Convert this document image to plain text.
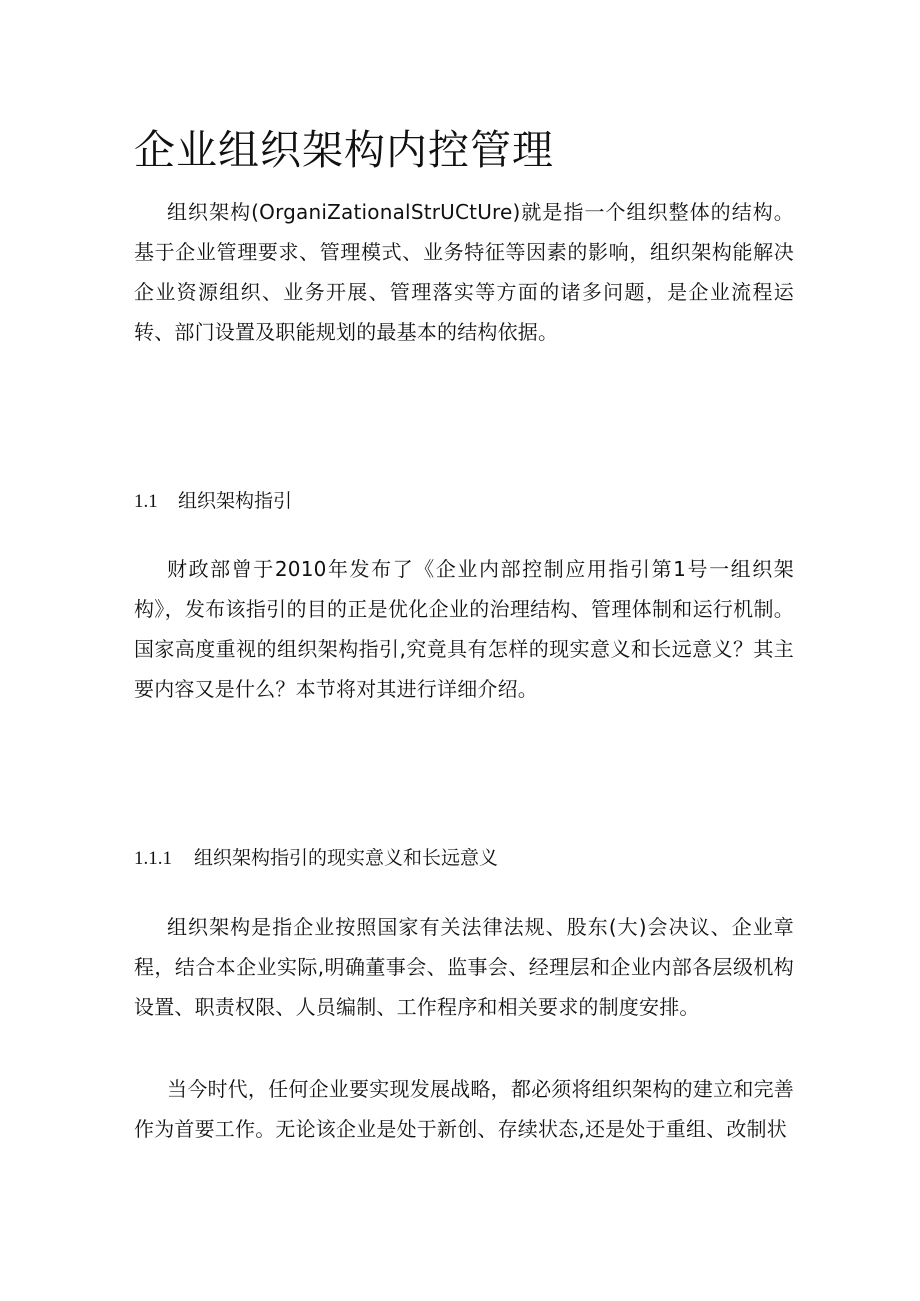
企业组织架构内控管理

组织架构(OrganiZationalStrUCtUre)就是指一个组织整体的结构。基于企业管理要求、管理模式、业务特征等因素的影响，组织架构能解决企业资源组织、业务开展、管理落实等方面的诸多问题，是企业流程运转、部门设置及职能规划的最基本的结构依据。

1.1 组织架构指引

财政部曾于2010年发布了《企业内部控制应用指引第1号一组织架构》，发布该指引的目的正是优化企业的治理结构、管理体制和运行机制。国家高度重视的组织架构指引,究竟具有怎样的现实意义和长远意义？其主要内容又是什么？本节将对其进行详细介绍。

1.1.1 组织架构指引的现实意义和长远意义

组织架构是指企业按照国家有关法律法规、股东(大)会决议、企业章程，结合本企业实际,明确董事会、监事会、经理层和企业内部各层级机构设置、职责权限、人员编制、工作程序和相关要求的制度安排。

当今时代，任何企业要实现发展战略，都必须将组织架构的建立和完善作为首要工作。无论该企业是处于新创、存续状态,还是处于重组、改制状
